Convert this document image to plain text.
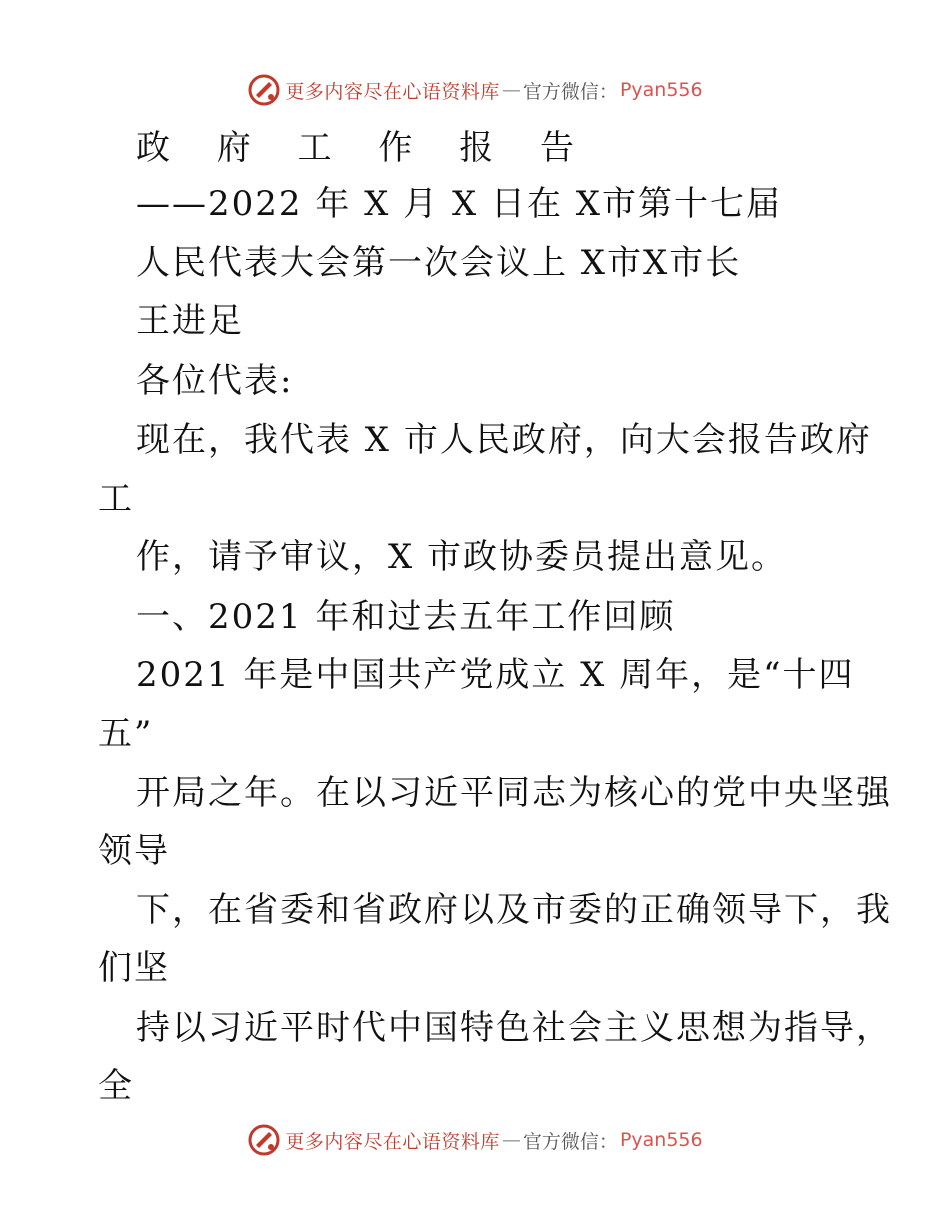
更多内容尽在心语资料库 — 官方微信： Pyan556
政 府 工 作 报 告
——2022 年 X 月 X 日在 X市第十七届
人民代表大会第一次会议上 X市X市长
王进足
各位代表:
现在，我代表 X 市人民政府，向大会报告政府
工
作，请予审议，X 市政协委员提出意见。
一、2021 年和过去五年工作回顾
2021 年是中国共产党成立 X 周年，是“十四
五”
开局之年。在以习近平同志为核心的党中央坚强
领导
下，在省委和省政府以及市委的正确领导下，我
们坚
持以习近平时代中国特色社会主义思想为指导，
全
更多内容尽在心语资料库 — 官方微信： Pyan556
